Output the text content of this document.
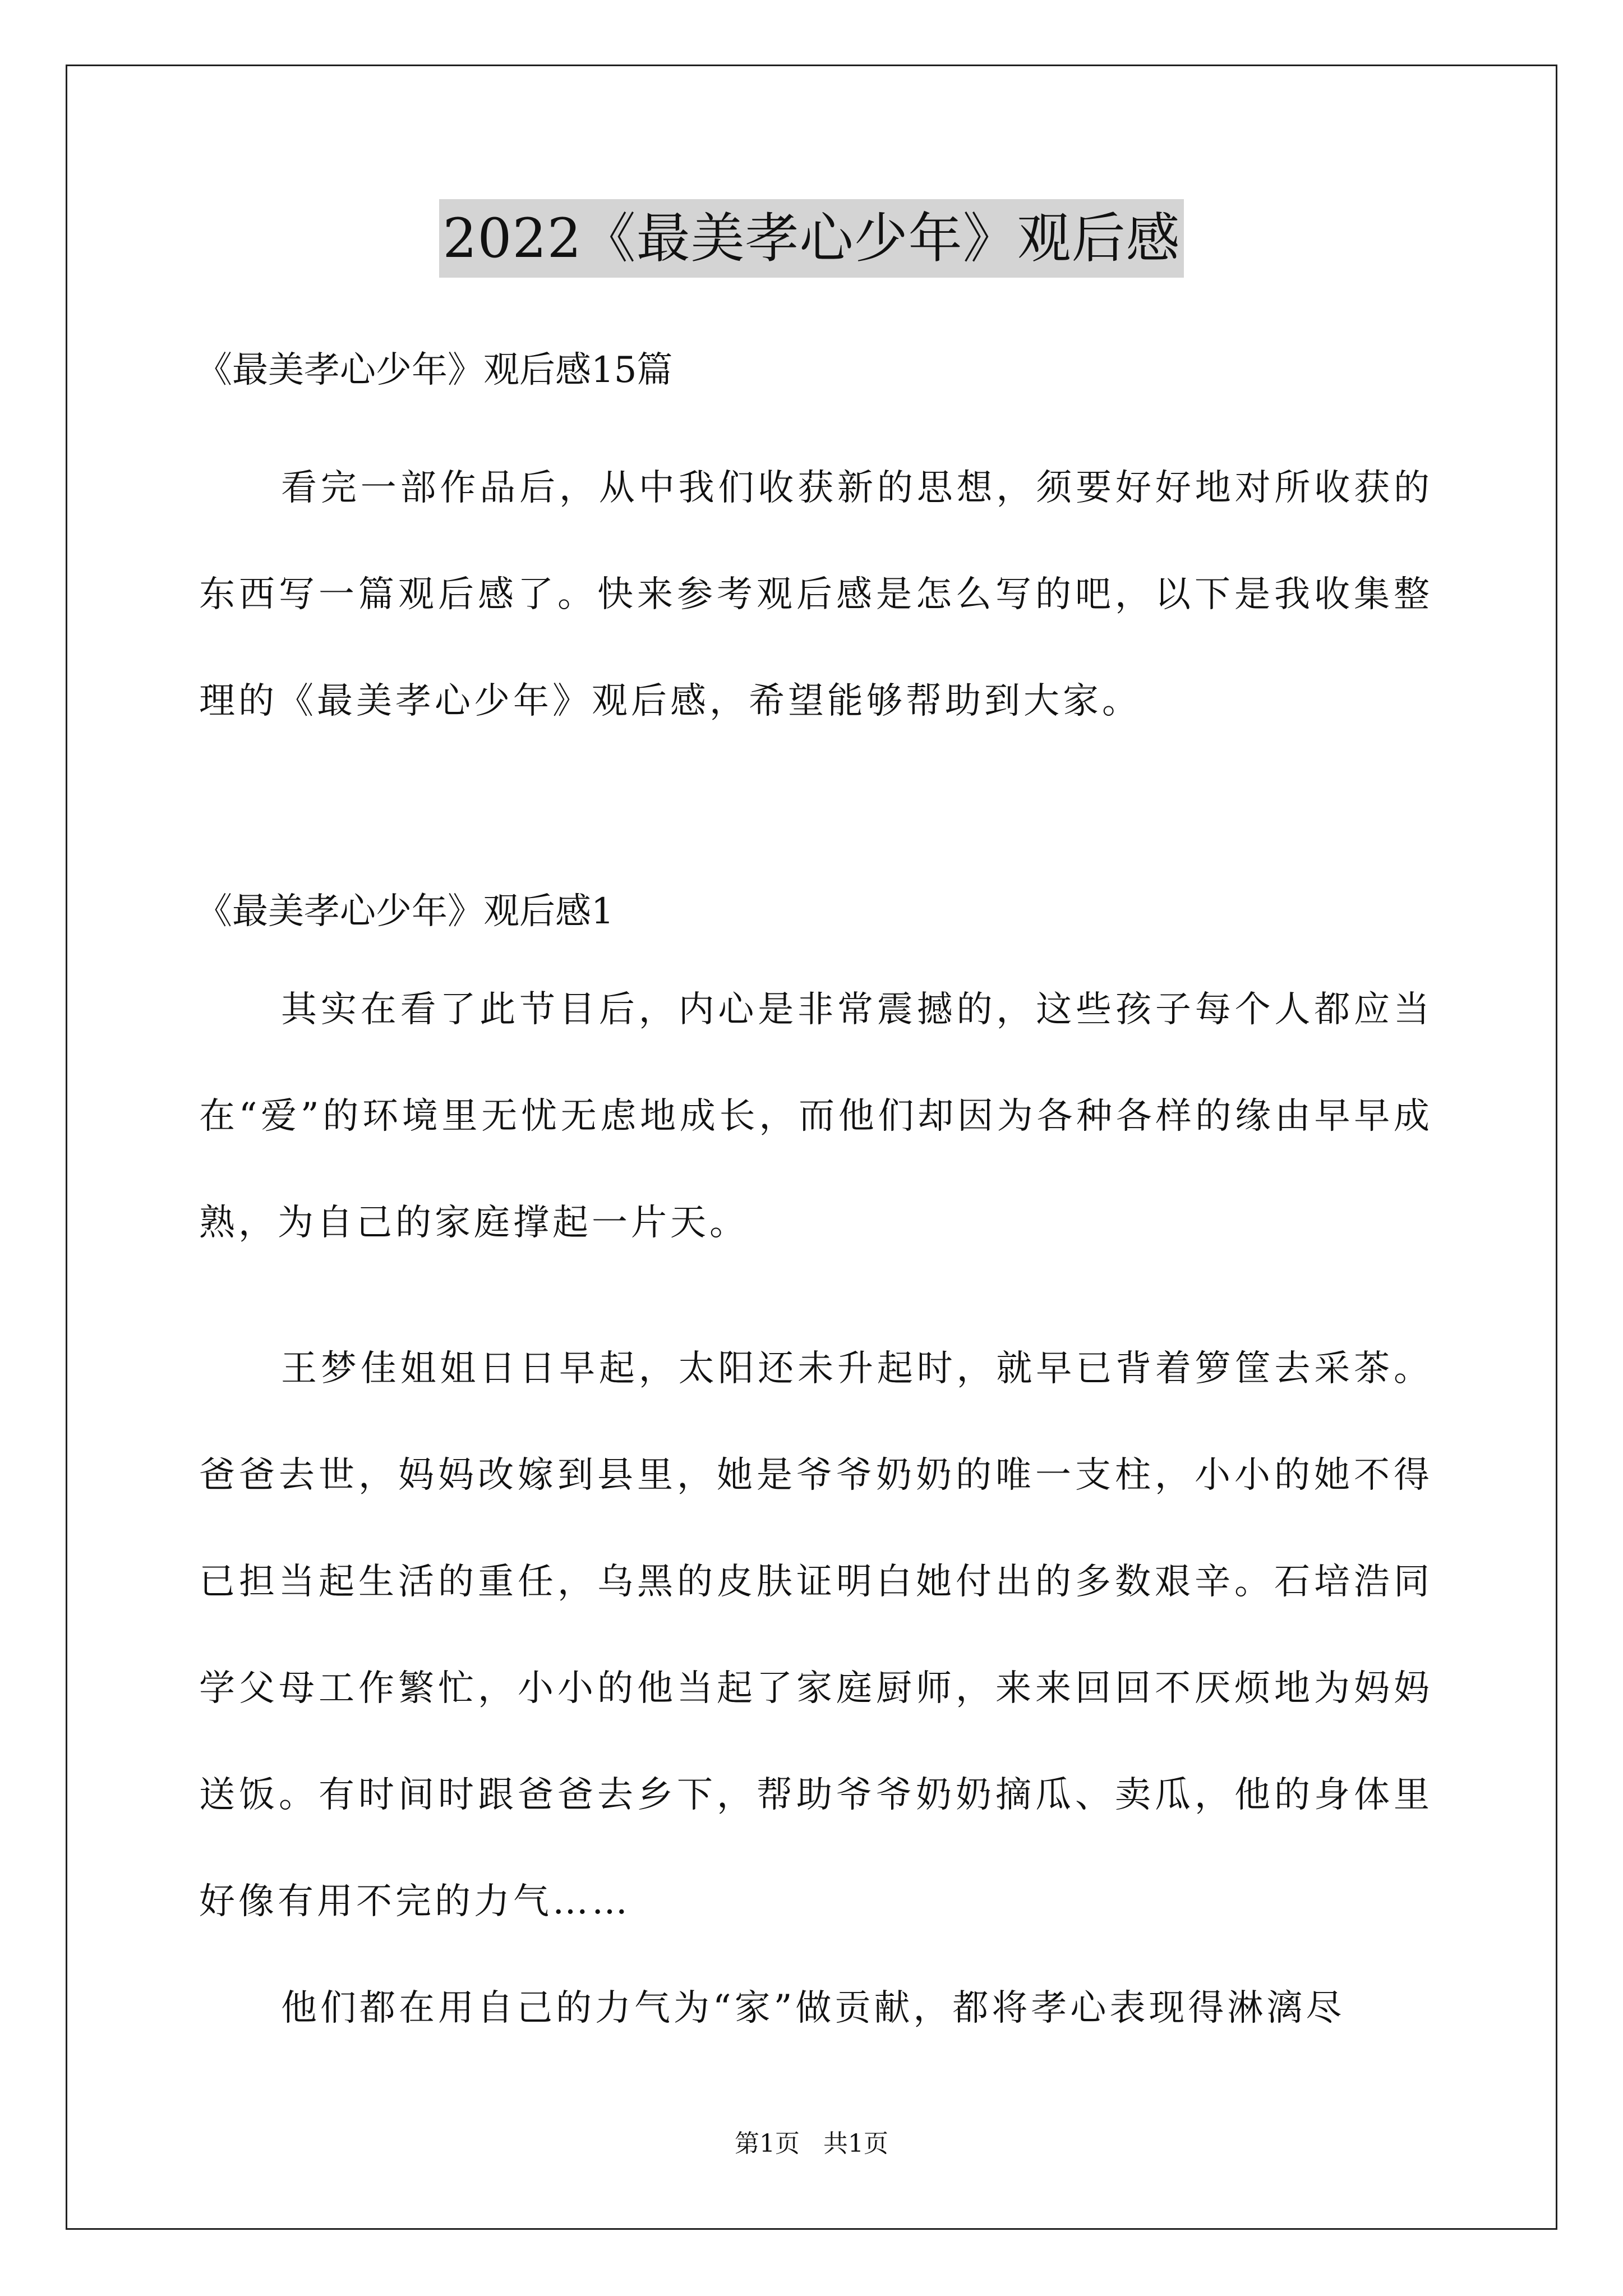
2022《最美孝心少年》观后感
《最美孝心少年》观后感15篇

看完一部作品后，从中我们收获新的思想，须要好好地对所收获的东西写一篇观后感了。快来参考观后感是怎么写的吧，以下是我收集整理的《最美孝心少年》观后感，希望能够帮助到大家。

《最美孝心少年》观后感1

其实在看了此节目后，内心是非常震撼的，这些孩子每个人都应当在“爱”的环境里无忧无虑地成长，而他们却因为各种各样的缘由早早成熟，为自己的家庭撑起一片天。

王梦佳姐姐日日早起，太阳还未升起时，就早已背着箩筐去采茶。爸爸去世，妈妈改嫁到县里，她是爷爷奶奶的唯一支柱，小小的她不得已担当起生活的重任，乌黑的皮肤证明白她付出的多数艰辛。石培浩同学父母工作繁忙，小小的他当起了家庭厨师，来来回回不厌烦地为妈妈送饭。有时间时跟爸爸去乡下，帮助爷爷奶奶摘瓜、卖瓜，他的身体里好像有用不完的力气……

他们都在用自己的力气为“家”做贡献，都将孝心表现得淋漓尽

第1页   共1页
